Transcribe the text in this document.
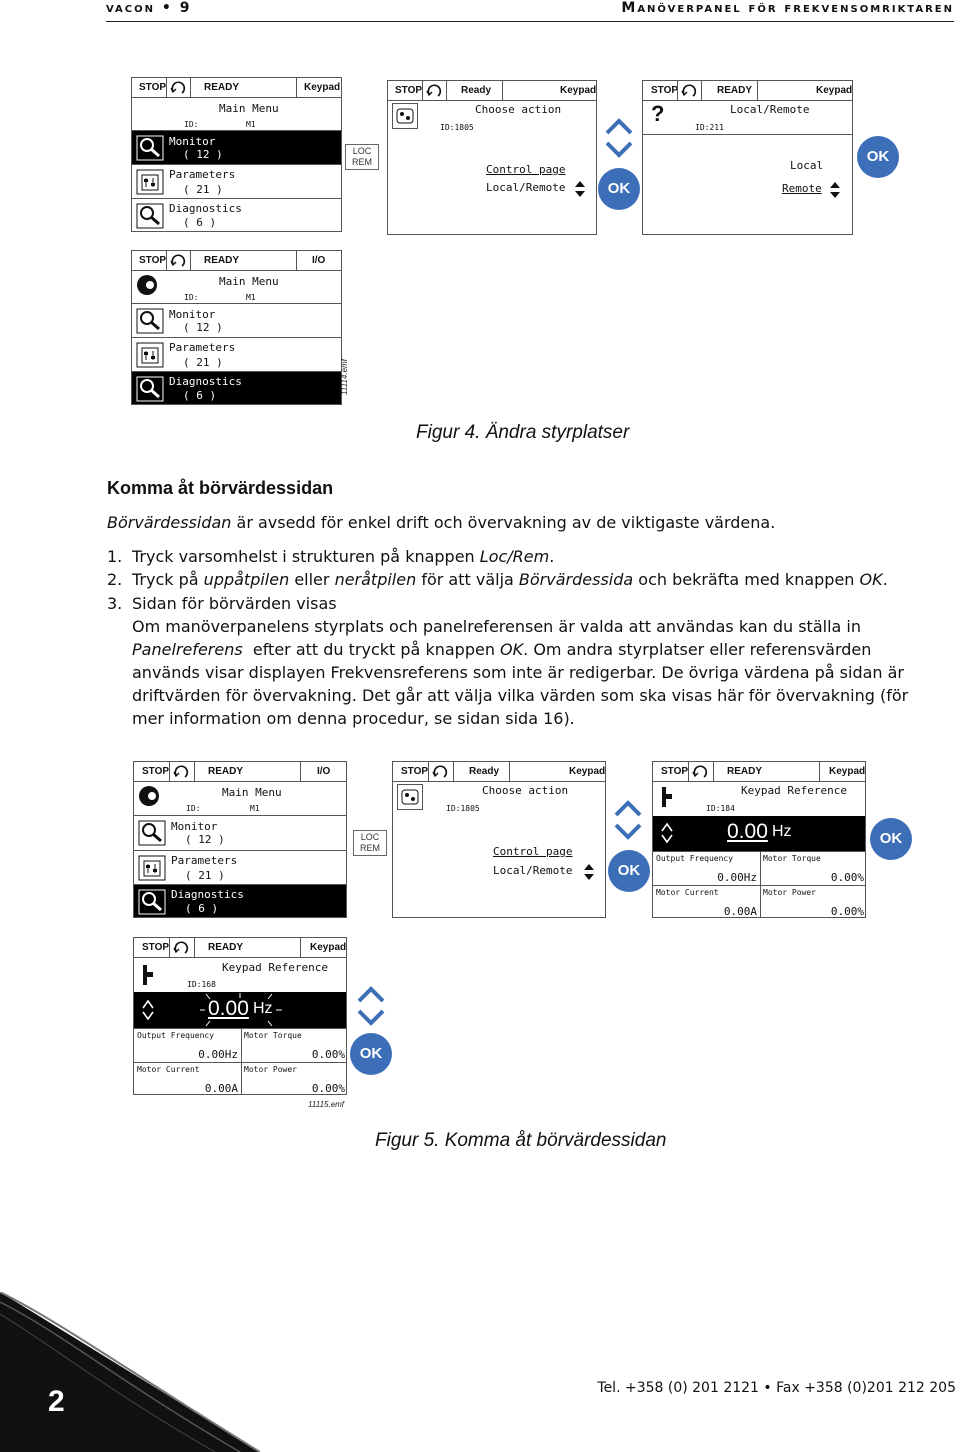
vacon • 9	Manöverpanel för frekvensomriktaren
STOP	READY	Keypad
Main Menu
ID:	M1
Monitor
( 12 )
Parameters
( 21 )
Diagnostics
( 6 )
LOC
REM
STOP	Ready	Keypad
Choose action
ID:1805
Control page
Local/Remote	OK
STOP	READY	Keypad
?	Local/Remote
ID:211
Local
Remote
OK
STOP	READY	I/O
Main Menu
ID:	M1
Monitor
( 12 )
Parameters
( 21 )
Diagnostics
( 6 )
11114.emf
Figur 4. Ändra styrplatser
Komma åt börvärdessidan
Börvärdessidan är avsedd för enkel drift och övervakning av de viktigaste värdena.
1. Tryck varsomhelst i strukturen på knappen Loc/Rem.
2. Tryck på uppåtpilen eller neråtpilen för att välja Börvärdessida och bekräfta med knappen OK.
3. Sidan för börvärden visas
Om manöverpanelens styrplats och panelreferensen är valda att användas kan du ställa in
Panelreferens  efter att du tryckt på knappen OK. Om andra styrplatser eller referensvärden
används visar displayen Frekvensreferens som inte är redigerbar. De övriga värdena på sidan är
driftvärden för övervakning. Det går att välja vilka värden som ska visas här för övervakning (för
mer information om denna procedur, se sidan sida 16).
STOP	READY	I/O
Main Menu
ID:	M1
Monitor
( 12 )
Parameters
( 21 )
Diagnostics
( 6 )
LOC
REM
STOP	Ready	Keypad
Choose action
ID:1805
Control page
Local/Remote	OK
STOP	READY	Keypad
Keypad Reference
ID:184
0.00 Hz
Output Frequency
0.00Hz
Motor Torque
0.00%
Motor Current
0.00A
Motor Power
0.00%
OK
STOP	READY	Keypad
Keypad Reference
ID:168
0.00 Hz
Output Frequency
0.00Hz
Motor Torque
0.00%
Motor Current
0.00A
Motor Power
0.00%
OK
11115.emf
Figur 5. Komma åt börvärdessidan
2	Tel. +358 (0) 201 2121 • Fax +358 (0)201 212 205
